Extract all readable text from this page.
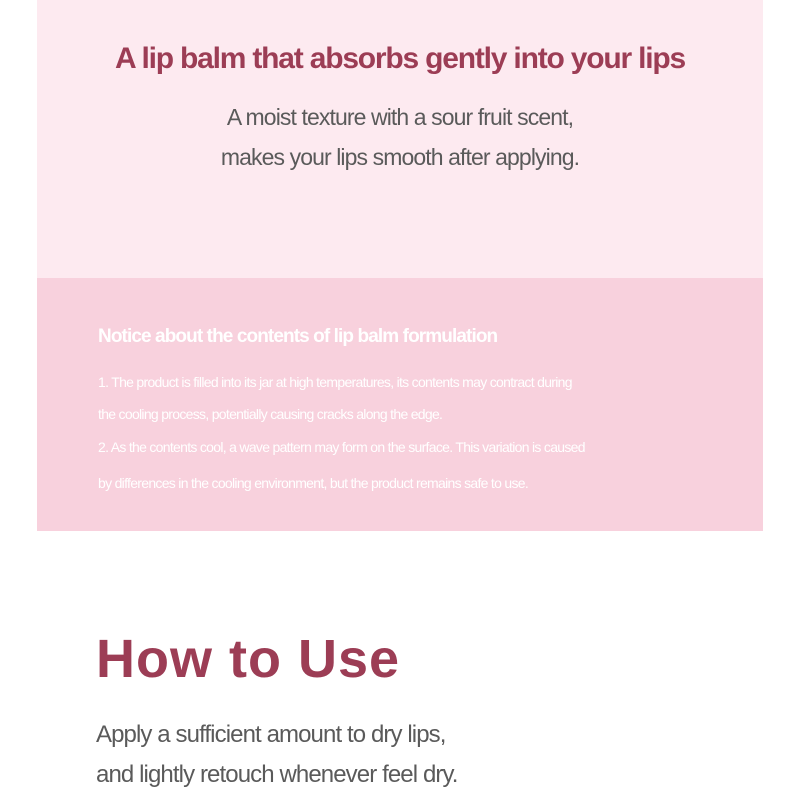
A lip balm that absorbs gently into your lips

A moist texture with a sour fruit scent,

makes your lips smooth after applying.

Notice about the contents of lip balm formulation

1. The product is filled into its jar at high temperatures, its contents may contract during

the cooling process, potentially causing cracks along the edge.

2. As the contents cool, a wave pattern may form on the surface. This variation is caused

by differences in the cooling environment, but the product remains safe to use.

How to Use

Apply a sufficient amount to dry lips,

and lightly retouch whenever feel dry.
